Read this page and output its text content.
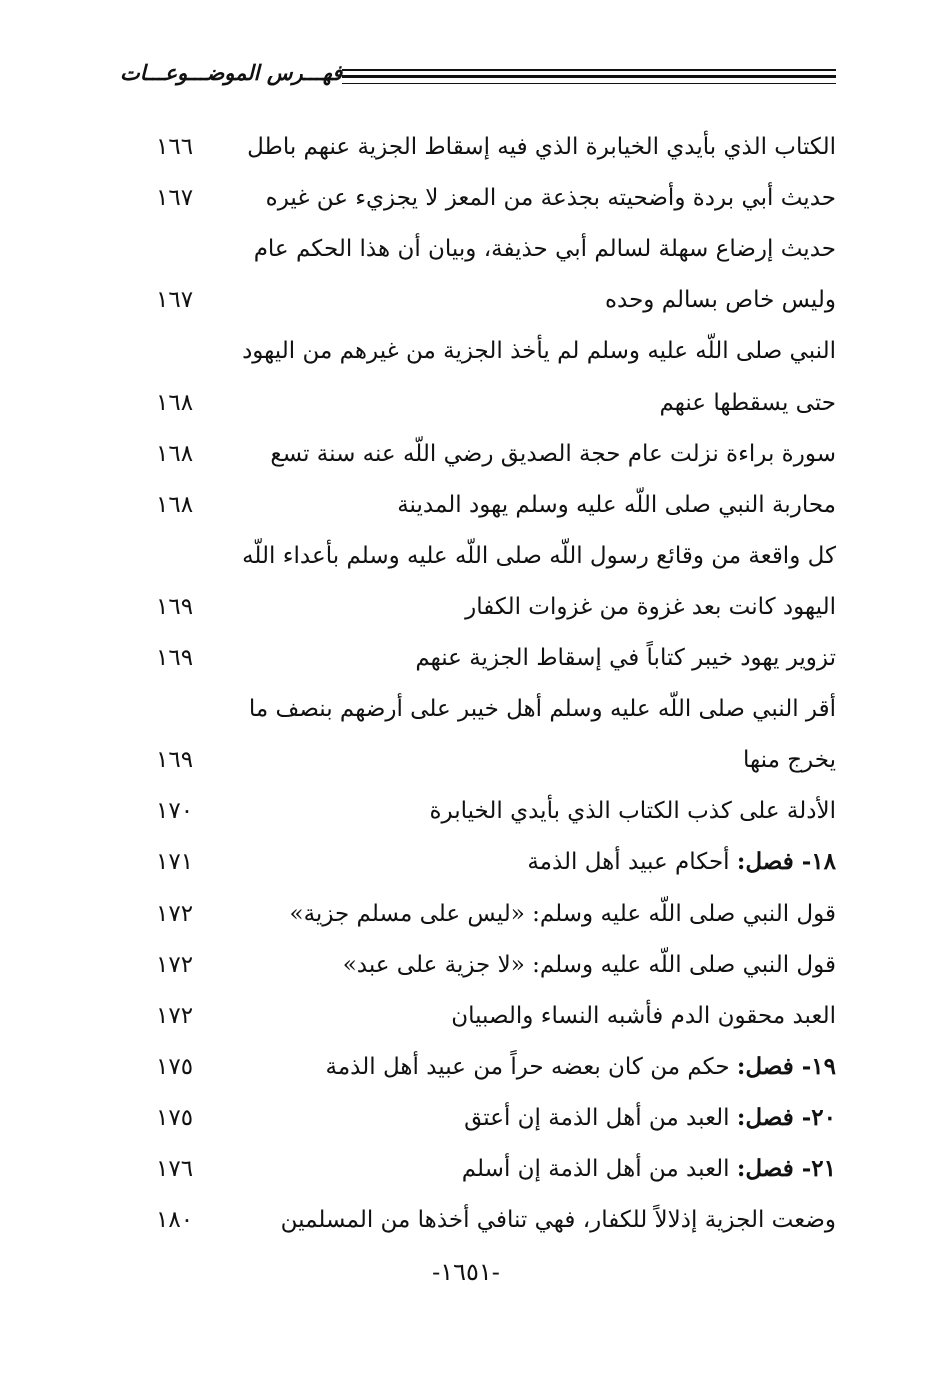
فهـــرس الموضـــوعـــات
الكتاب الذي بأيدي الخيابرة الذي فيه إسقاط الجزية عنهم باطل
١٦٦
حديث أبي بردة وأضحيته بجذعة من المعز لا يجزيء عن غيره
١٦٧
حديث إرضاع سهلة لسالم أبي حذيفة، وبيان أن هذا الحكم عام
وليس خاص بسالم وحده
١٦٧
النبي صلى اللّه عليه وسلم لم يأخذ الجزية من غيرهم من اليهود
حتى يسقطها عنهم
١٦٨
سورة براءة نزلت عام حجة الصديق رضي اللّه عنه سنة تسع
١٦٨
محاربة النبي صلى اللّه عليه وسلم يهود المدينة
١٦٨
كل واقعة من وقائع رسول اللّه صلى اللّه عليه وسلم بأعداء اللّه
اليهود كانت بعد غزوة من غزوات الكفار
١٦٩
تزوير يهود خيبر كتاباً في إسقاط الجزية عنهم
١٦٩
أقر النبي صلى اللّه عليه وسلم أهل خيبر على أرضهم بنصف ما
يخرج منها
١٦٩
الأدلة على كذب الكتاب الذي بأيدي الخيابرة
١٧٠
١٨- فصل: أحكام عبيد أهل الذمة
١٧١
قول النبي صلى اللّه عليه وسلم: «ليس على مسلم جزية»
١٧٢
قول النبي صلى اللّه عليه وسلم: «لا جزية على عبد»
١٧٢
العبد محقون الدم فأشبه النساء والصبيان
١٧٢
١٩- فصل: حكم من كان بعضه حراً من عبيد أهل الذمة
١٧٥
٢٠- فصل: العبد من أهل الذمة إن أعتق
١٧٥
٢١- فصل: العبد من أهل الذمة إن أسلم
١٧٦
وضعت الجزية إذلالاً للكفار، فهي تنافي أخذها من المسلمين
١٨٠
-١٦٥١-
